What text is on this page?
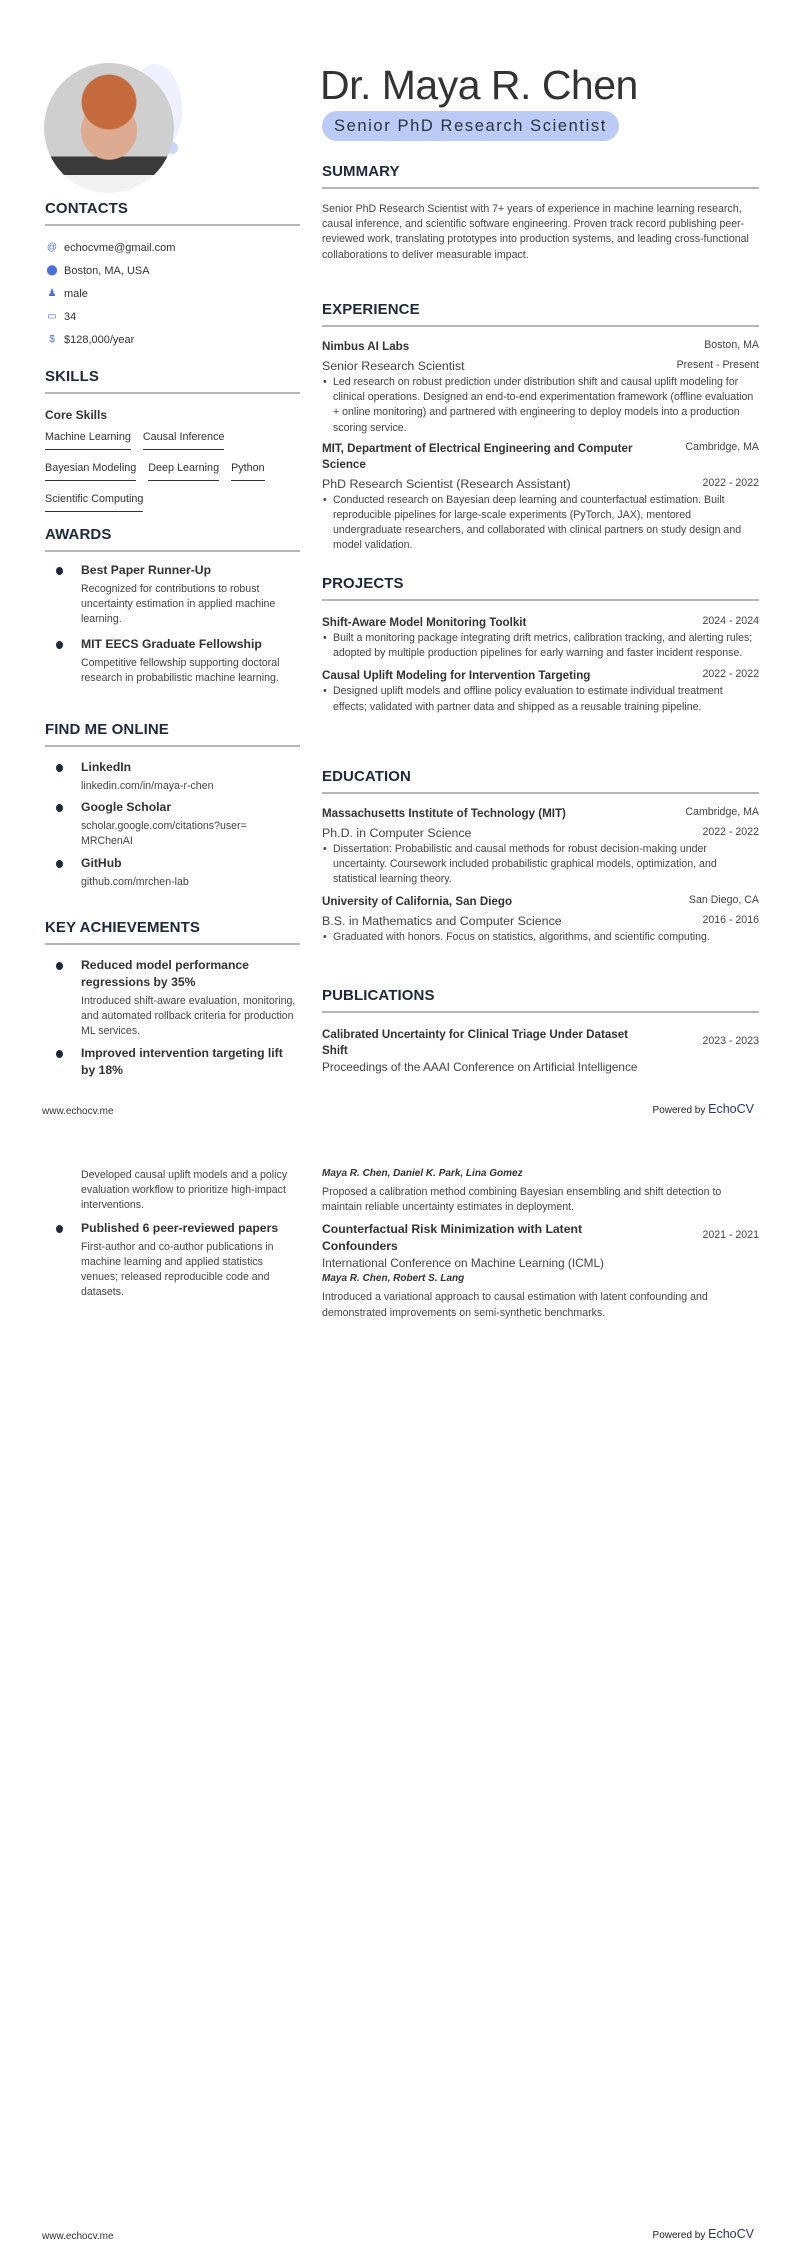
Dr. Maya R. Chen
Senior PhD Research Scientist
CONTACTS
@ echocvme@gmail.com
⬤ Boston, MA, USA
♟ male
▭ 34
$ $128,000/year
SKILLS
Core Skills
Machine Learning Causal InferenceBayesian Modeling Deep Learning PythonScientific Computing
AWARDS
Best Paper Runner-Up
Recognized for contributions to robust uncertainty estimation in applied machine learning.
MIT EECS Graduate Fellowship
Competitive fellowship supporting doctoral research in probabilistic machine learning.
FIND ME ONLINE
LinkedIn
linkedin.com/in/maya-r-chen
Google Scholar
scholar.google.com/citations?user=MRChenAI
GitHub
github.com/mrchen-lab
KEY ACHIEVEMENTS
Reduced model performance regressions by 35%
Introduced shift-aware evaluation, monitoring, and automated rollback criteria for production ML services.
Improved intervention targeting lift by 18%
SUMMARY
Senior PhD Research Scientist with 7+ years of experience in machine learning research, causal inference, and scientific software engineering. Proven track record publishing peer-reviewed work, translating prototypes into production systems, and leading cross-functional collaborations to deliver measurable impact.
EXPERIENCE
Nimbus AI Labs	Boston, MA
Senior Research Scientist	Present - Present
• Led research on robust prediction under distribution shift and causal uplift modeling for clinical operations. Designed an end-to-end experimentation framework (offline evaluation + online monitoring) and partnered with engineering to deploy models into a production scoring service.
MIT, Department of Electrical Engineering and Computer Science
Cambridge, MA
PhD Research Scientist (Research Assistant)	2022 - 2022
• Conducted research on Bayesian deep learning and counterfactual estimation. Built reproducible pipelines for large-scale experiments (PyTorch, JAX), mentored undergraduate researchers, and collaborated with clinical partners on study design and model validation.
PROJECTS
Shift-Aware Model Monitoring Toolkit	2024 - 2024
• Built a monitoring package integrating drift metrics, calibration tracking, and alerting rules; adopted by multiple production pipelines for early warning and faster incident response.
Causal Uplift Modeling for Intervention Targeting	2022 - 2022
• Designed uplift models and offline policy evaluation to estimate individual treatment effects; validated with partner data and shipped as a reusable training pipeline.
EDUCATION
Massachusetts Institute of Technology (MIT)	Cambridge, MA
Ph.D. in Computer Science	2022 - 2022
• Dissertation: Probabilistic and causal methods for robust decision-making under uncertainty. Coursework included probabilistic graphical models, optimization, and statistical learning theory.
University of California, San Diego	San Diego, CA
B.S. in Mathematics and Computer Science	2016 - 2016
• Graduated with honors. Focus on statistics, algorithms, and scientific computing.
PUBLICATIONS
Calibrated Uncertainty for Clinical Triage Under Dataset Shift
2023 - 2023
Proceedings of the AAAI Conference on Artificial Intelligence
www.echocv.me	Powered by EchoCV
Developed causal uplift models and a policy evaluation workflow to prioritize high-impact interventions.
Published 6 peer-reviewed papers
First-author and co-author publications in machine learning and applied statistics venues; released reproducible code and datasets.
Maya R. Chen, Daniel K. Park, Lina Gomez
Proposed a calibration method combining Bayesian ensembling and shift detection to maintain reliable uncertainty estimates in deployment.
Counterfactual Risk Minimization with Latent Confounders
2021 - 2021
International Conference on Machine Learning (ICML)
Maya R. Chen, Robert S. Lang
Introduced a variational approach to causal estimation with latent confounding and demonstrated improvements on semi-synthetic benchmarks.
www.echocv.me	Powered by EchoCV
